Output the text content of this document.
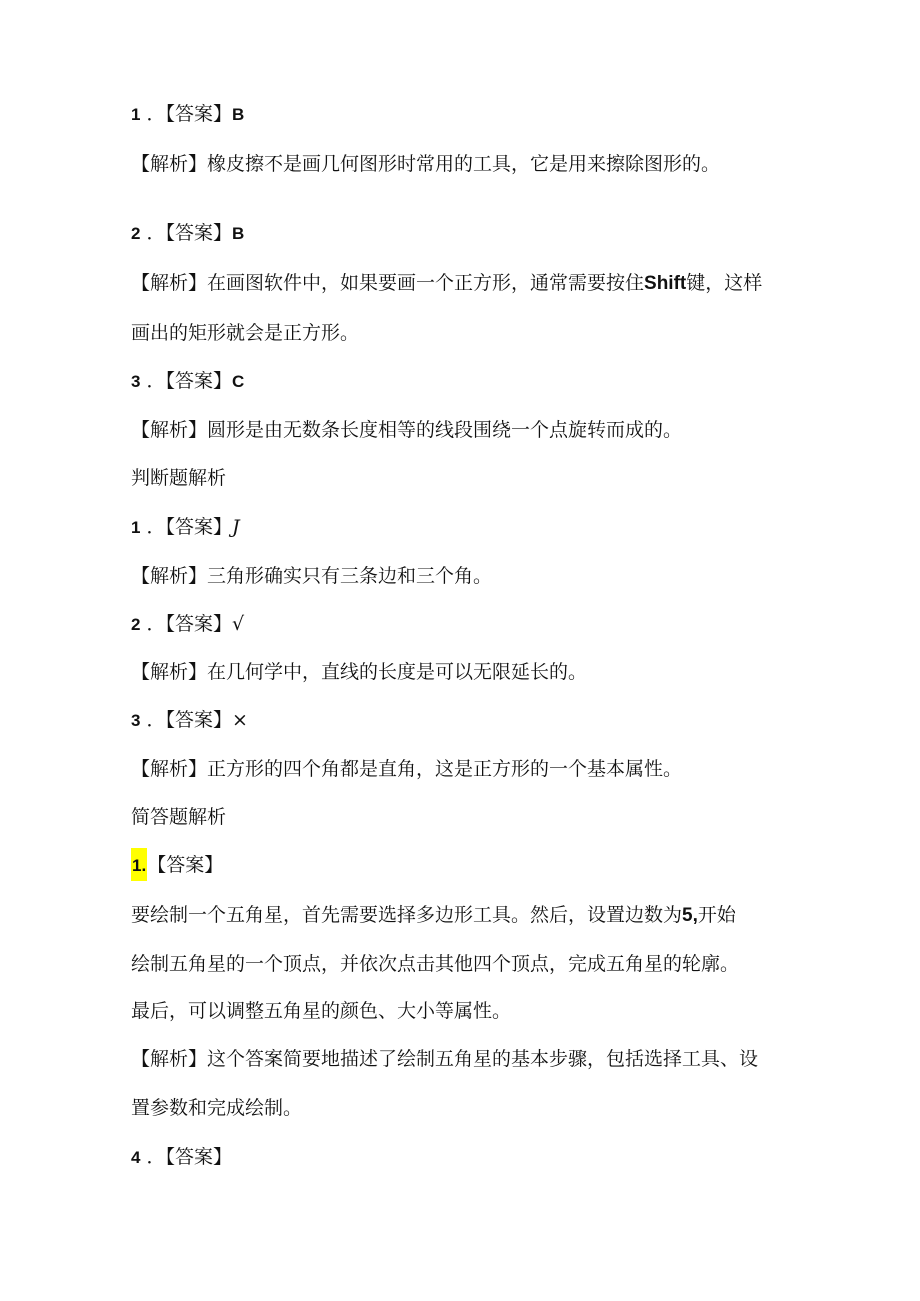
1 ．【答案】B
【解析】橡皮擦不是画几何图形时常用的工具，它是用来擦除图形的。
2 ．【答案】B
【解析】在画图软件中，如果要画一个正方形，通常需要按住Shift键，这样
画出的矩形就会是正方形。
3 ．【答案】C
【解析】圆形是由无数条长度相等的线段围绕一个点旋转而成的。
判断题解析
1 ．【答案】J
【解析】三角形确实只有三条边和三个角。
2 ．【答案】√
【解析】在几何学中，直线的长度是可以无限延长的。
3 ．【答案】×
【解析】正方形的四个角都是直角，这是正方形的一个基本属性。
简答题解析
1.【答案】
要绘制一个五角星，首先需要选择多边形工具。然后，设置边数为5,开始
绘制五角星的一个顶点，并依次点击其他四个顶点，完成五角星的轮廓。
最后，可以调整五角星的颜色、大小等属性。
【解析】这个答案简要地描述了绘制五角星的基本步骤，包括选择工具、设
置参数和完成绘制。
4 ．【答案】
